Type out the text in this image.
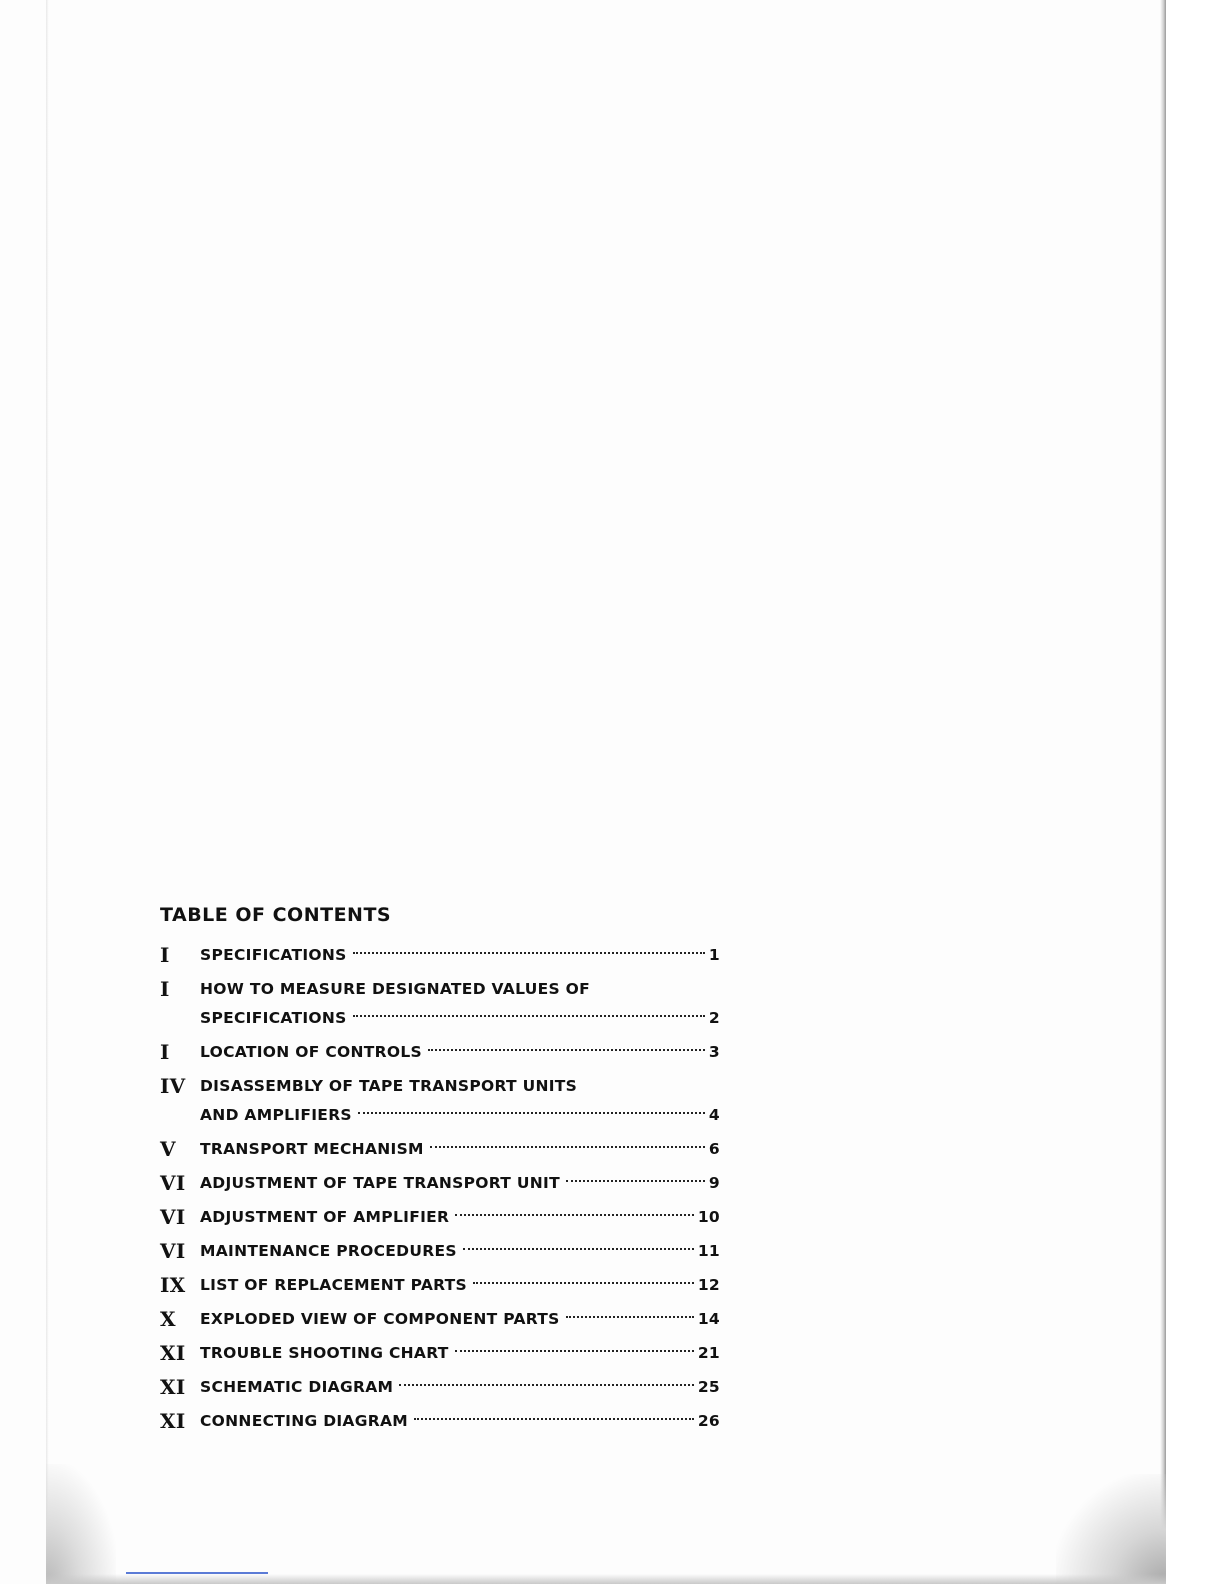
TABLE OF CONTENTS
I	SPECIFICATIONS	1
I	HOW TO MEASURE DESIGNATED VALUES OF
SPECIFICATIONS	2
I	LOCATION OF CONTROLS	3
IV DISASSEMBLY OF TAPE TRANSPORT UNITS
AND AMPLIFIERS	4
V	TRANSPORT MECHANISM	6
VI ADJUSTMENT OF TAPE TRANSPORT UNIT	9
VI ADJUSTMENT OF AMPLIFIER	10
VI MAINTENANCE PROCEDURES	11
IX LIST OF REPLACEMENT PARTS	12
X	EXPLODED VIEW OF COMPONENT PARTS	14
XI TROUBLE SHOOTING CHART	21
XI SCHEMATIC DIAGRAM	25
XI CONNECTING DIAGRAM	26
